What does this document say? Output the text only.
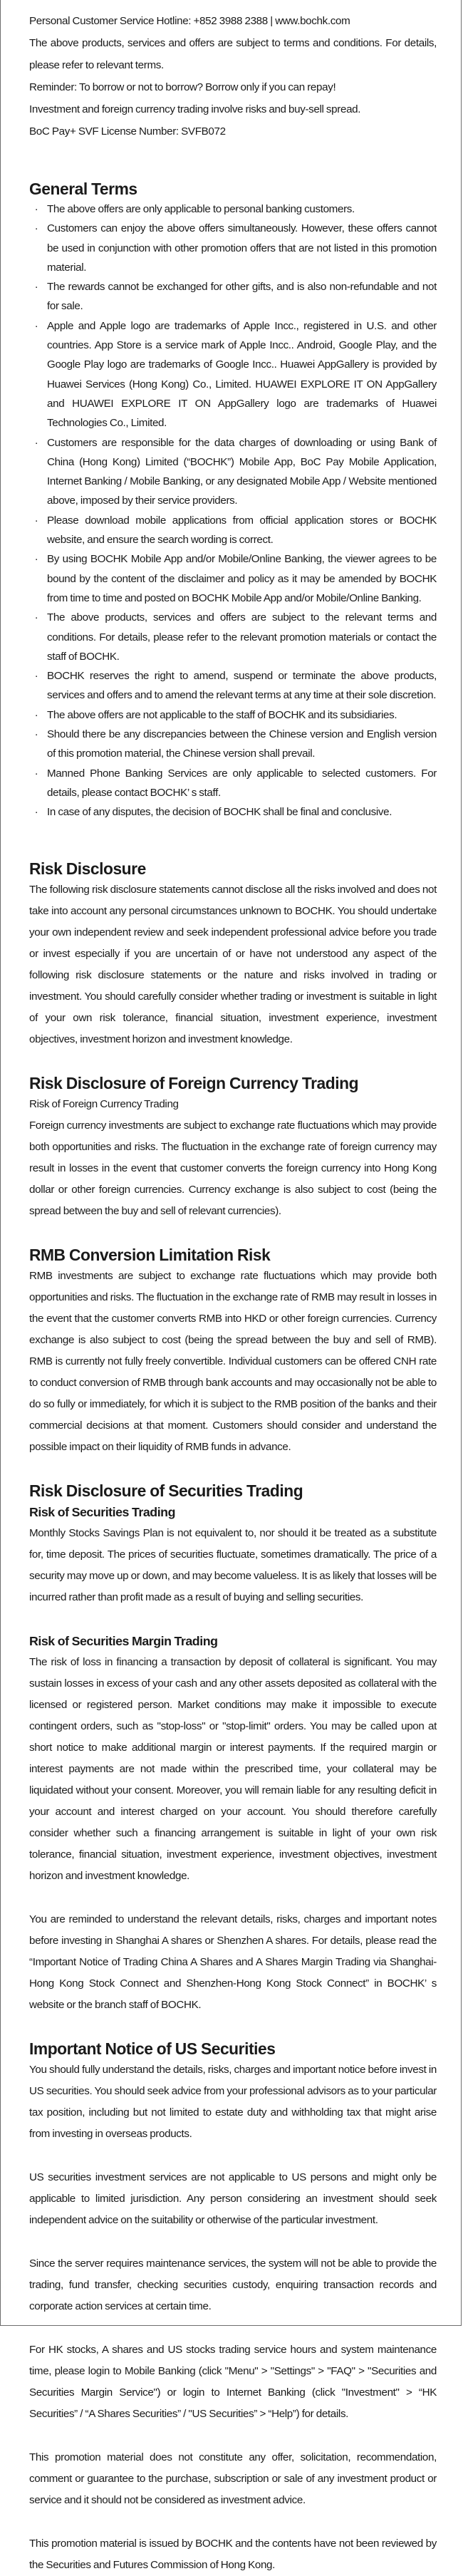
Personal Customer Service Hotline: +852 3988 2388 | www.bochk.com

The above products, services and offers are subject to terms and conditions. For details, please refer to relevant terms.

Reminder: To borrow or not to borrow? Borrow only if you can repay!

Investment and foreign currency trading involve risks and buy-sell spread.

BoC Pay+ SVF License Number: SVFB072

General Terms
· The above offers are only applicable to personal banking customers.
· Customers can enjoy the above offers simultaneously. However, these offers cannot be used in conjunction with other promotion offers that are not listed in this promotion material.
· The rewards cannot be exchanged for other gifts, and is also non-refundable and not for sale.
· Apple and Apple logo are trademarks of Apple Incc., registered in U.S. and other countries. App Store is a service mark of Apple Incc.. Android, Google Play, and the Google Play logo are trademarks of Google Incc.. Huawei AppGallery is provided by Huawei Services (Hong Kong) Co., Limited. HUAWEI EXPLORE IT ON AppGallery and HUAWEI EXPLORE IT ON AppGallery logo are trademarks of Huawei Technologies Co., Limited.
· Customers are responsible for the data charges of downloading or using Bank of China (Hong Kong) Limited (“BOCHK”) Mobile App, BoC Pay Mobile Application, Internet Banking / Mobile Banking, or any designated Mobile App / Website mentioned above, imposed by their service providers.
· Please download mobile applications from official application stores or BOCHK website, and ensure the search wording is correct.
· By using BOCHK Mobile App and/or Mobile/Online Banking, the viewer agrees to be bound by the content of the disclaimer and policy as it may be amended by BOCHK from time to time and posted on BOCHK Mobile App and/or Mobile/Online Banking.
· The above products, services and offers are subject to the relevant terms and conditions. For details, please refer to the relevant promotion materials or contact the staff of BOCHK.
· BOCHK reserves the right to amend, suspend or terminate the above products, services and offers and to amend the relevant terms at any time at their sole discretion.
· The above offers are not applicable to the staff of BOCHK and its subsidiaries.
· Should there be any discrepancies between the Chinese version and English version of this promotion material, the Chinese version shall prevail.
· Manned Phone Banking Services are only applicable to selected customers. For details, please contact BOCHK’ s staff.
· In case of any disputes, the decision of BOCHK shall be final and conclusive.
Risk Disclosure

The following risk disclosure statements cannot disclose all the risks involved and does not take into account any personal circumstances unknown to BOCHK. You should undertake your own independent review and seek independent professional advice before you trade or invest especially if you are uncertain of or have not understood any aspect of the following risk disclosure statements or the nature and risks involved in trading or investment. You should carefully consider whether trading or investment is suitable in light of your own risk tolerance, financial situation, investment experience, investment objectives, investment horizon and investment knowledge.

Risk Disclosure of Foreign Currency Trading

Risk of Foreign Currency Trading

Foreign currency investments are subject to exchange rate fluctuations which may provide both opportunities and risks. The fluctuation in the exchange rate of foreign currency may result in losses in the event that customer converts the foreign currency into Hong Kong dollar or other foreign currencies. Currency exchange is also subject to cost (being the spread between the buy and sell of relevant currencies).

RMB Conversion Limitation Risk

RMB investments are subject to exchange rate fluctuations which may provide both opportunities and risks. The fluctuation in the exchange rate of RMB may result in losses in the event that the customer converts RMB into HKD or other foreign currencies. Currency exchange is also subject to cost (being the spread between the buy and sell of RMB). RMB is currently not fully freely convertible. Individual customers can be offered CNH rate to conduct conversion of RMB through bank accounts and may occasionally not be able to do so fully or immediately, for which it is subject to the RMB position of the banks and their commercial decisions at that moment. Customers should consider and understand the possible impact on their liquidity of RMB funds in advance.

Risk Disclosure of Securities Trading
Risk of Securities Trading

Monthly Stocks Savings Plan is not equivalent to, nor should it be treated as a substitute for, time deposit. The prices of securities fluctuate, sometimes dramatically. The price of a security may move up or down, and may become valueless. It is as likely that losses will be incurred rather than profit made as a result of buying and selling securities.

Risk of Securities Margin Trading

The risk of loss in financing a transaction by deposit of collateral is significant. You may sustain losses in excess of your cash and any other assets deposited as collateral with the licensed or registered person. Market conditions may make it impossible to execute contingent orders, such as "stop-loss" or "stop-limit" orders. You may be called upon at short notice to make additional margin or interest payments. If the required margin or interest payments are not made within the prescribed time, your collateral may be liquidated without your consent. Moreover, you will remain liable for any resulting deficit in your account and interest charged on your account. You should therefore carefully consider whether such a financing arrangement is suitable in light of your own risk tolerance, financial situation, investment experience, investment objectives, investment horizon and investment knowledge.

You are reminded to understand the relevant details, risks, charges and important notes before investing in Shanghai A shares or Shenzhen A shares. For details, please read the “Important Notice of Trading China A Shares and A Shares Margin Trading via Shanghai-Hong Kong Stock Connect and Shenzhen-Hong Kong Stock Connect” in BOCHK’ s website or the branch staff of BOCHK.

Important Notice of US Securities

You should fully understand the details, risks, charges and important notice before invest in US securities. You should seek advice from your professional advisors as to your particular tax position, including but not limited to estate duty and withholding tax that might arise from investing in overseas products.

US securities investment services are not applicable to US persons and might only be applicable to limited jurisdiction. Any person considering an investment should seek independent advice on the suitability or otherwise of the particular investment.

Since the server requires maintenance services, the system will not be able to provide the trading, fund transfer, checking securities custody, enquiring transaction records and corporate action services at certain time.

For HK stocks, A shares and US stocks trading service hours and system maintenance time, please login to Mobile Banking (click "Menu" > "Settings" > "FAQ" > "Securities and Securities Margin Service") or login to Internet Banking (click "Investment" > “HK Securities” / “A Shares Securities” / "US Securities” > “Help”) for details.

This promotion material does not constitute any offer, solicitation, recommendation, comment or guarantee to the purchase, subscription or sale of any investment product or service and it should not be considered as investment advice.

This promotion material is issued by BOCHK and the contents have not been reviewed by the Securities and Futures Commission of Hong Kong.
